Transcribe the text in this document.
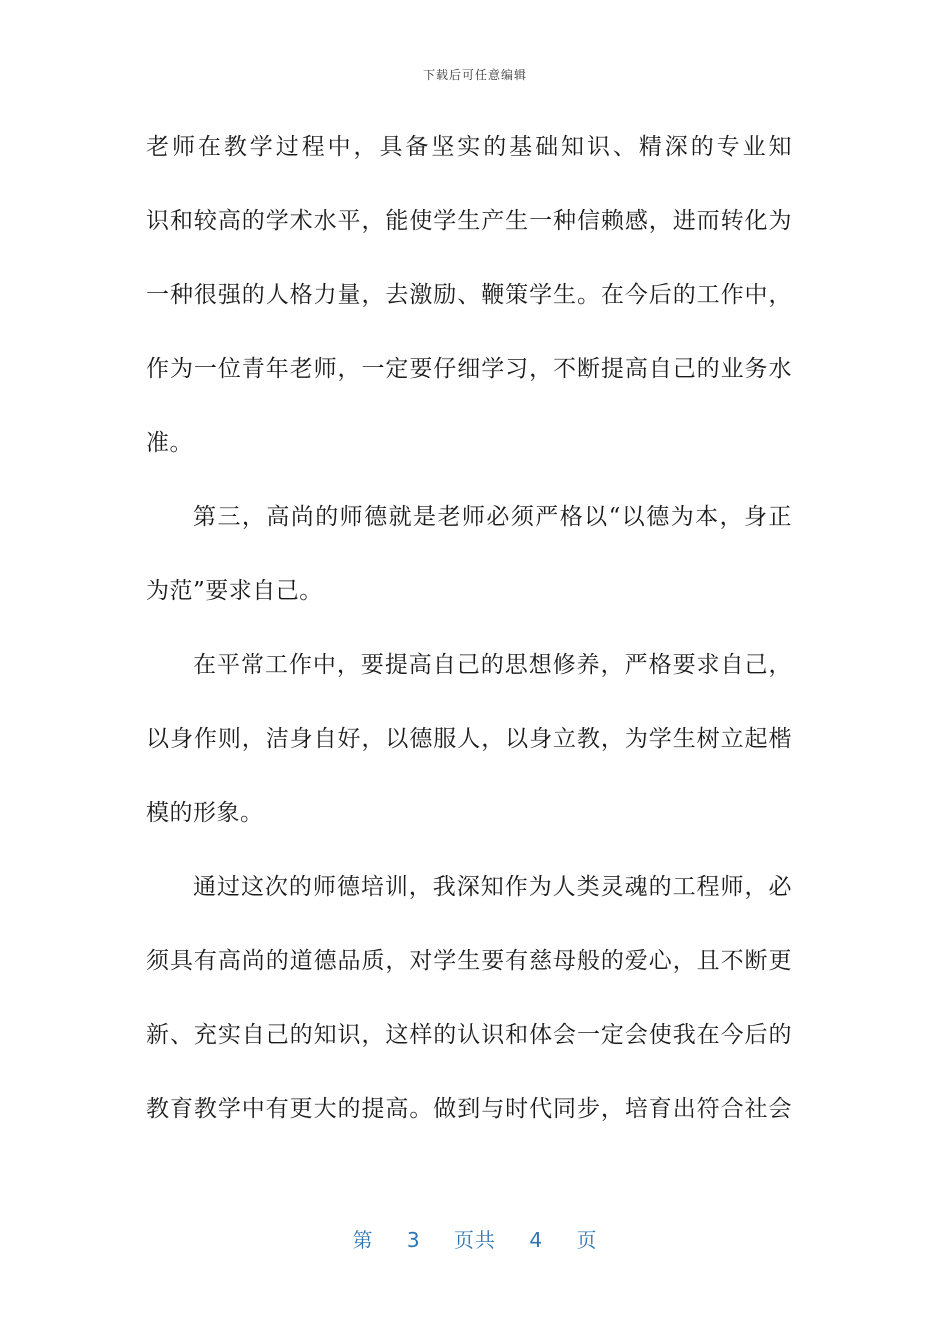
下载后可任意编辑
老师在教学过程中，具备坚实的基础知识、精深的专业知
识和较高的学术水平，能使学生产生一种信赖感，进而转化为
一种很强的人格力量，去激励、鞭策学生。在今后的工作中，
作为一位青年老师，一定要仔细学习，不断提高自己的业务水
准。
第三，高尚的师德就是老师必须严格以“以德为本，身正
为范”要求自己。
在平常工作中，要提高自己的思想修养，严格要求自己，
以身作则，洁身自好，以德服人，以身立教，为学生树立起楷
模的形象。
通过这次的师德培训，我深知作为人类灵魂的工程师，必
须具有高尚的道德品质，对学生要有慈母般的爱心，且不断更
新、充实自己的知识，这样的认识和体会一定会使我在今后的
教育教学中有更大的提高。做到与时代同步，培育出符合社会
第 3 页共 4 页
